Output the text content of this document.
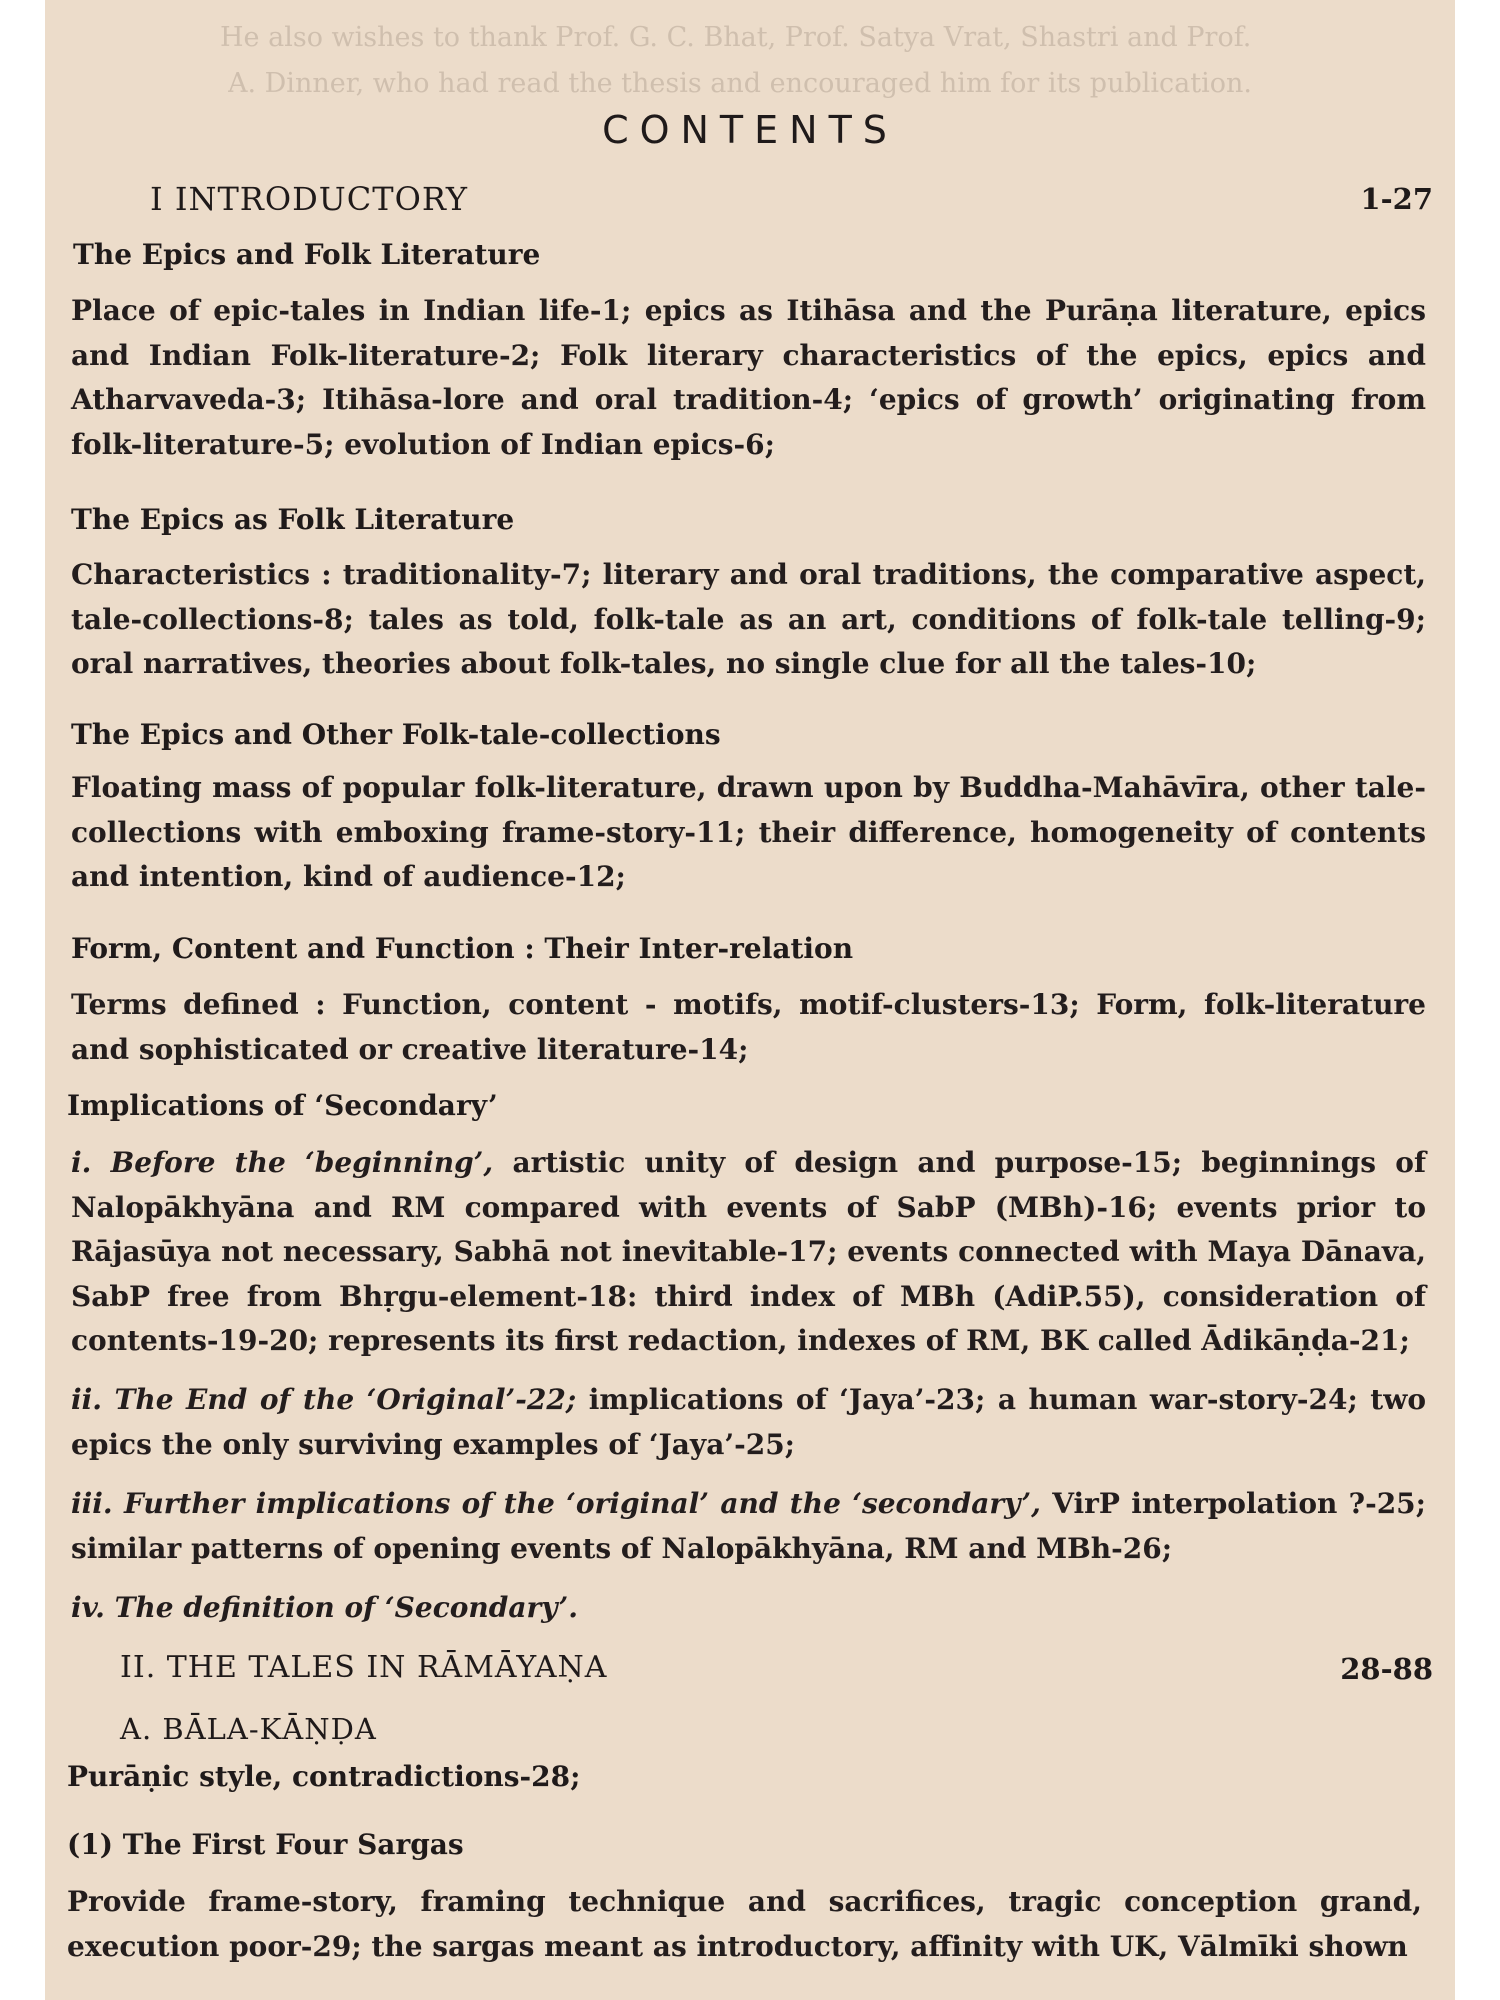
He also wishes to thank Prof. G. C. Bhat, Prof. Satya Vrat, Shastri and Prof.
A. Dinner, who had read the thesis and encouraged him for its publication.
CONTENTS
I INTRODUCTORY	1-27
The Epics and Folk Literature
Place of epic-tales in Indian life-1; epics as Itihāsa and the Purāṇa literature, epics and Indian Folk-literature-2; Folk literary characteristics of the epics, epics and Atharvaveda-3; Itihāsa-lore and oral tradition-4; ‘epics of growth’ originating from folk-literature-5; evolution of Indian epics-6;
The Epics as Folk Literature
Characteristics : traditionality-7; literary and oral traditions, the comparative aspect, tale-collections-8; tales as told, folk-tale as an art, conditions of folk-tale telling-9; oral narratives, theories about folk-tales, no single clue for all the tales-10;
The Epics and Other Folk-tale-collections
Floating mass of popular folk-literature, drawn upon by Buddha-Mahāvīra, other tale-collections with emboxing frame-story-11; their difference, homogeneity of contents and intention, kind of audience-12;
Form, Content and Function : Their Inter-relation
Terms defined : Function, content - motifs, motif-clusters-13; Form, folk-literature and sophisticated or creative literature-14;
Implications of ‘Secondary’
i. Before the ‘beginning’, artistic unity of design and purpose-15; beginnings of Nalopākhyāna and RM compared with events of SabP (MBh)-16; events prior to Rājasūya not necessary, Sabhā not inevitable-17; events connected with Maya Dānava, SabP free from Bhṛgu-element-18: third index of MBh (AdiP.55), consideration of contents-19-20; represents its first redaction, indexes of RM, BK called Ādikāṇḍa-21;
ii. The End of the ‘Original’-22; implications of ‘Jaya’-23; a human war-story-24; two epics the only surviving examples of ‘Jaya’-25;
iii. Further implications of the ‘original’ and the ‘secondary’, VirP interpolation ?-25; similar patterns of opening events of Nalopākhyāna, RM and MBh-26;
iv. The definition of ‘Secondary’.
II. THE TALES IN RĀMĀYAṆA	28-88
A. BĀLA-KĀṆḌA
Purāṇic style, contradictions-28;
(1) The First Four Sargas
Provide frame-story, framing technique and sacrifices, tragic conception grand, execution poor-29; the sargas meant as introductory, affinity with UK, Vālmīki shown
